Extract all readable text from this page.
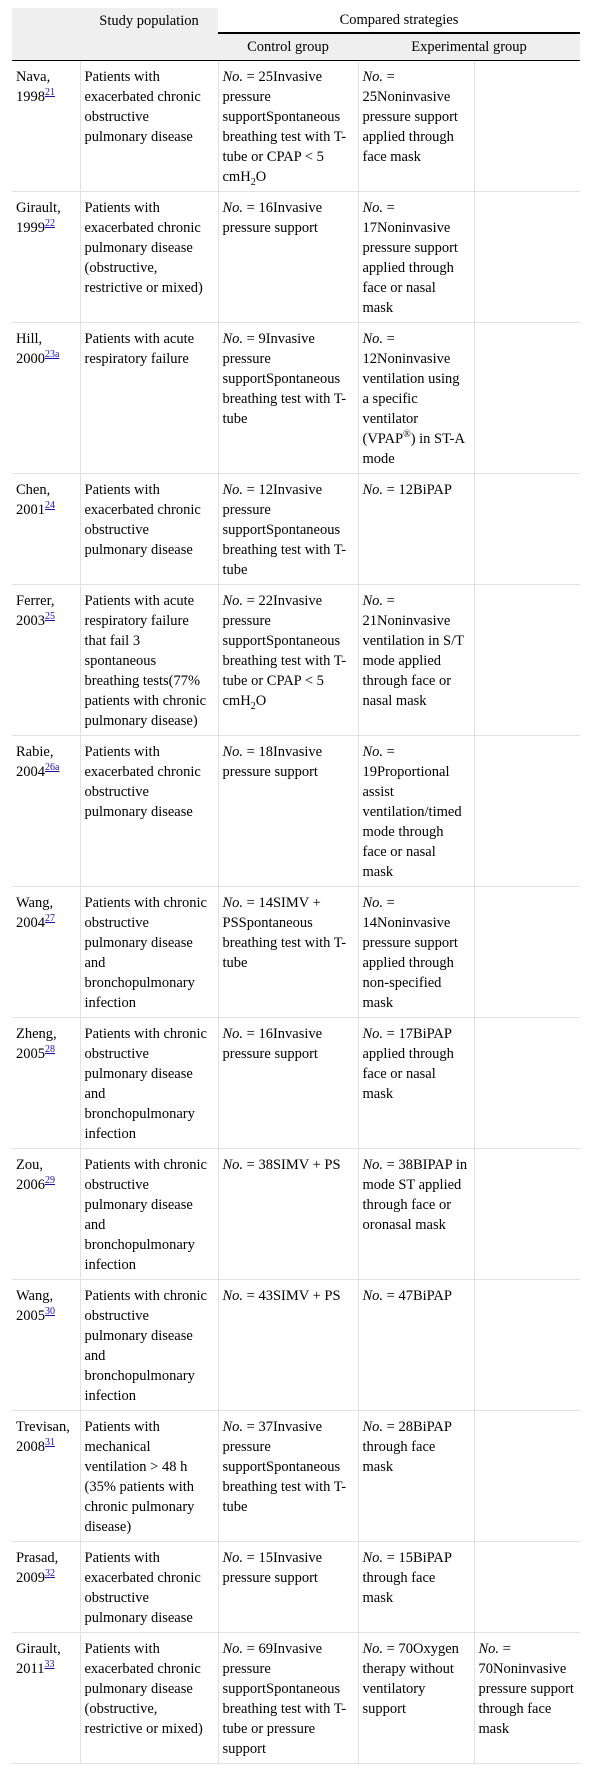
	Study population	Compared strategies		
		Control group	Experimental group	
Nava, 1998$^{21}$	Patients with exacerbated chronic obstructive pulmonary disease	No. = 25Invasive pressure supportSpontaneous breathing test with T-tube or CPAP < 5 cmH$_2$O	No. = 25Noninvasive pressure support applied through face mask	
Girault, 1999$^{22}$	Patients with exacerbated chronic pulmonary disease (obstructive, restrictive or mixed)	No. = 16Invasive pressure support	No. = 17Noninvasive pressure support applied through face or nasal mask	
Hill, 2000$^{23a}$	Patients with acute respiratory failure	No. = 9Invasive pressure supportSpontaneous breathing test with T-tube	No. = 12Noninvasive ventilation using a specific ventilator (VPAP®) in ST-A mode	
Chen, 2001$^{24}$	Patients with exacerbated chronic obstructive pulmonary disease	No. = 12Invasive pressure supportSpontaneous breathing test with T-tube	No. = 12BiPAP	
Ferrer, 2003$^{25}$	Patients with acute respiratory failure that fail 3 spontaneous breathing tests(77% patients with chronic pulmonary disease)	No. = 22Invasive pressure supportSpontaneous breathing test with T-tube or CPAP < 5 cmH$_2$O	No. = 21Noninvasive ventilation in S/T mode applied through face or nasal mask	
Rabie, 2004$^{26a}$	Patients with exacerbated chronic obstructive pulmonary disease	No. = 18Invasive pressure support	No. = 19Proportional assist ventilation/timed mode through face or nasal mask	
Wang, 2004$^{27}$	Patients with chronic obstructive pulmonary disease and bronchopulmonary infection	No. = 14SIMV + PSSpontaneous breathing test with T-tube	No. = 14Noninvasive pressure support applied through non-specified mask	
Zheng, 2005$^{28}$	Patients with chronic obstructive pulmonary disease and bronchopulmonary infection	No. = 16Invasive pressure support	No. = 17BiPAP applied through face or nasal mask	
Zou, 2006$^{29}$	Patients with chronic obstructive pulmonary disease and bronchopulmonary infection	No. = 38SIMV + PS	No. = 38BIPAP in mode ST applied through face or oronasal mask	
Wang, 2005$^{30}$	Patients with chronic obstructive pulmonary disease and bronchopulmonary infection	No. = 43SIMV + PS	No. = 47BiPAP	
Trevisan, 2008$^{31}$	Patients with mechanical ventilation > 48 h (35% patients with chronic pulmonary disease)	No. = 37Invasive pressure supportSpontaneous breathing test with T-tube	No. = 28BiPAP through face mask	
Prasad, 2009$^{32}$	Patients with exacerbated chronic obstructive pulmonary disease	No. = 15Invasive pressure support	No. = 15BiPAP through face mask	
Girault, 2011$^{33}$	Patients with exacerbated chronic pulmonary disease (obstructive, restrictive or mixed)	No. = 69Invasive pressure supportSpontaneous breathing test with T-tube or pressure support	No. = 70Oxygen therapy without ventilatory support	No. = 70Noninvasive pressure support through face mask
